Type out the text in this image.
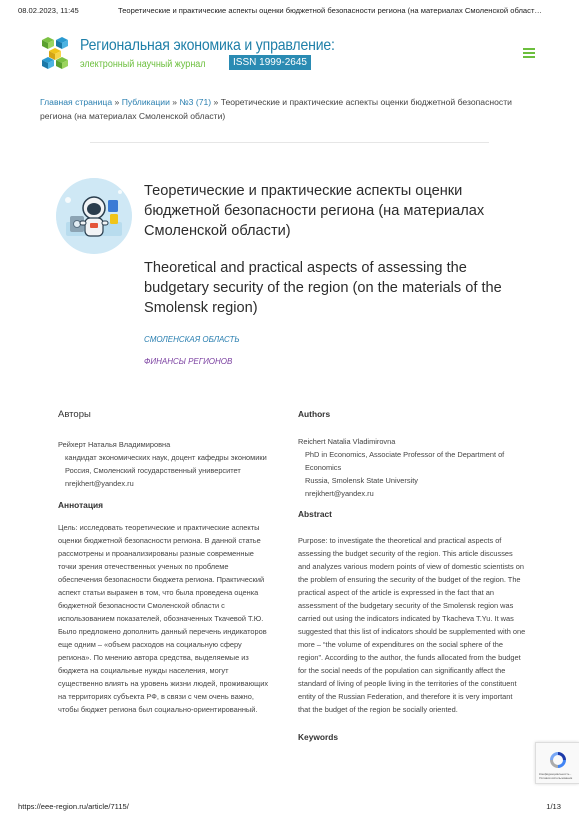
08.02.2023, 11:45	Теоретические и практические аспекты оценки бюджетной безопасности региона (на материалах Смоленской облаcт…
Региональная экономика и управление:
электронный научный журнал	ISSN 1999-2645
Главная страница » Публикации » №3 (71) » Теоретические и практические аспекты оценки бюджетной безопасности региона (на материалах Смоленской области)
Теоретические и практические аспекты оценки бюджетной безопасности региона (на материалах Смоленской области)
Theoretical and practical aspects of assessing the budgetary security of the region (on the materials of the Smolensk region)
СМОЛЕНСКАЯ ОБЛАСТЬ
ФИНАНСЫ РЕГИОНОВ
Авторы
Рейхерт Наталья Владимировна
кандидат экономических наук, доцент кафедры экономики
Россия, Смоленский государственный университет
nrejkhert@yandex.ru
Аннотация
Цель: исследовать теоретические и практические аспекты оценки бюджетной безопасности региона. В данной статье рассмотрены и проанализированы разные современные точки зрения отечественных ученых по проблеме обеспечения безопасности бюджета региона. Практический аспект статьи выражен в том, что была проведена оценка бюджетной безопасности Смоленской области с использованием показателей, обозначенных Ткачевой Т.Ю. Было предложено дополнить данный перечень индикаторов еще одним – «объем расходов на социальную сферу региона». По мнению автора средства, выделяемые из бюджета на социальные нужды населения, могут существенно влиять на уровень жизни людей, проживающих на территориях субъекта РФ, в связи с чем очень важно, чтобы бюджет региона был социально-ориентированный.
Authors
Reichert Natalia Vladimirovna
PhD in Economics, Associate Professor of the Department of Economics
Russia, Smolensk State University
nrejkhert@yandex.ru
Abstract
Purpose: to investigate the theoretical and practical aspects of assessing the budget security of the region. This article discusses and analyzes various modern points of view of domestic scientists on the problem of ensuring the security of the budget of the region. The practical aspect of the article is expressed in the fact that an assessment of the budgetary security of the Smolensk region was carried out using the indicators indicated by Tkacheva T.Yu. It was suggested that this list of indicators should be supplemented with one more – “the volume of expenditures on the social sphere of the region”. According to the author, the funds allocated from the budget for the social needs of the population can significantly affect the standard of living of people living in the territories of the constituent entity of the Russian Federation, and therefore it is very important that the budget of the region be socially oriented.
Keywords
Конфиденциальность - Условия использования
https://eee-region.ru/article/7115/	1/13
